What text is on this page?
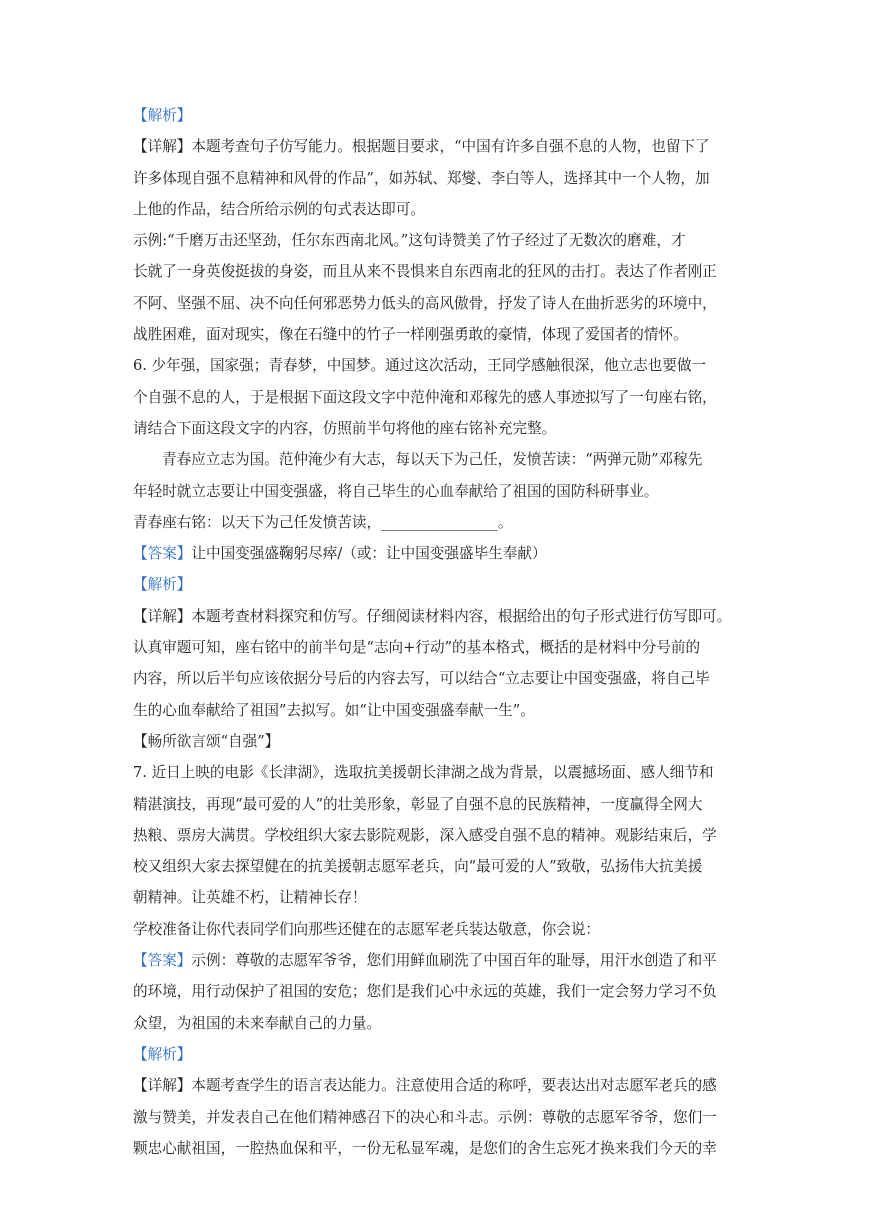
【解析】
【详解】本题考查句子仿写能力。根据题目要求，“中国有许多自强不息的人物，也留下了
许多体现自强不息精神和风骨的作品”，如苏轼、郑燮、李白等人，选择其中一个人物，加
上他的作品，结合所给示例的句式表达即可。
示例:“千磨万击还坚劲，任尔东西南北风。”这句诗赞美了竹子经过了无数次的磨难，才
长就了一身英俊挺拔的身姿，而且从来不畏惧来自东西南北的狂风的击打。表达了作者刚正
不阿、坚强不屈、决不向任何邪恶势力低头的高风傲骨，抒发了诗人在曲折恶劣的环境中，
战胜困难，面对现实，像在石缝中的竹子一样刚强勇敢的豪情，体现了爱国者的情怀。
6. 少年强，国家强；青春梦，中国梦。通过这次活动，王同学感触很深，他立志也要做一
个自强不息的人，于是根据下面这段文字中范仲淹和邓稼先的感人事迹拟写了一句座右铭，
请结合下面这段文字的内容，仿照前半句将他的座右铭补充完整。
青春应立志为国。范仲淹少有大志，每以天下为己任，发愤苦读：“两弹元勋”邓稼先
年轻时就立志要让中国变强盛，将自己毕生的心血奉献给了祖国的国防科研事业。
青春座右铭：以天下为己任发愤苦读，________________。
【答案】让中国变强盛鞠躬尽瘁/（或：让中国变强盛毕生奉献）
【解析】
【详解】本题考查材料探究和仿写。仔细阅读材料内容，根据给出的句子形式进行仿写即可。
认真审题可知，座右铭中的前半句是“志向+行动”的基本格式，概括的是材料中分号前的
内容，所以后半句应该依据分号后的内容去写，可以结合“立志要让中国变强盛，将自己毕
生的心血奉献给了祖国”去拟写。如“让中国变强盛奉献一生”。
【畅所欲言颂“自强”】
7. 近日上映的电影《长津湖》，选取抗美援朝长津湖之战为背景，以震撼场面、感人细节和
精湛演技，再现“最可爱的人”的壮美形象，彰显了自强不息的民族精神，一度赢得全网大
热粮、票房大满贯。学校组织大家去影院观影，深入感受自强不息的精神。观影结束后，学
校又组织大家去探望健在的抗美援朝志愿军老兵，向“最可爱的人”致敬，弘扬伟大抗美援
朝精神。让英雄不朽，让精神长存！
学校准备让你代表同学们向那些还健在的志愿军老兵装达敬意，你会说：
【答案】示例：尊敬的志愿军爷爷，您们用鲜血刷洗了中国百年的耻辱，用汗水创造了和平
的环境，用行动保护了祖国的安危；您们是我们心中永远的英雄，我们一定会努力学习不负
众望，为祖国的未来奉献自己的力量。
【解析】
【详解】本题考查学生的语言表达能力。注意使用合适的称呼，要表达出对志愿军老兵的感
激与赞美，并发表自己在他们精神感召下的决心和斗志。示例：尊敬的志愿军爷爷，您们一
颗忠心献祖国，一腔热血保和平，一份无私显军魂，是您们的舍生忘死才换来我们今天的幸
